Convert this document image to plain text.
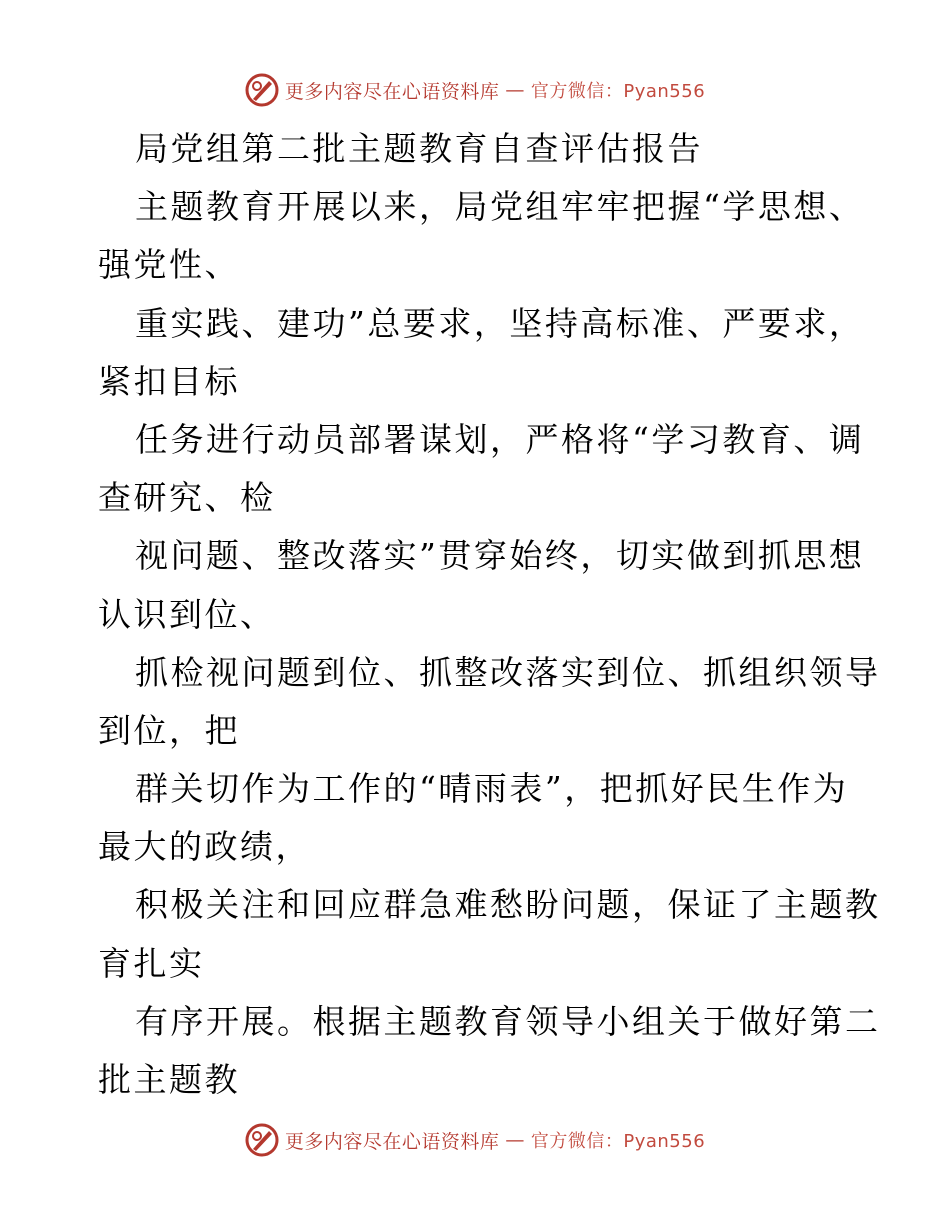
更多内容尽在心语资料库 — 官方微信：Pyan556
局党组第二批主题教育自查评估报告
主题教育开展以来，局党组牢牢把握“学思想、
强党性、
重实践、建功”总要求，坚持高标准、严要求，
紧扣目标
任务进行动员部署谋划，严格将“学习教育、调
查研究、检
视问题、整改落实”贯穿始终，切实做到抓思想
认识到位、
抓检视问题到位、抓整改落实到位、抓组织领导
到位，把
群关切作为工作的“晴雨表”，把抓好民生作为
最大的政绩，
积极关注和回应群急难愁盼问题，保证了主题教
育扎实
有序开展。根据主题教育领导小组关于做好第二
批主题教
更多内容尽在心语资料库 — 官方微信：Pyan556
